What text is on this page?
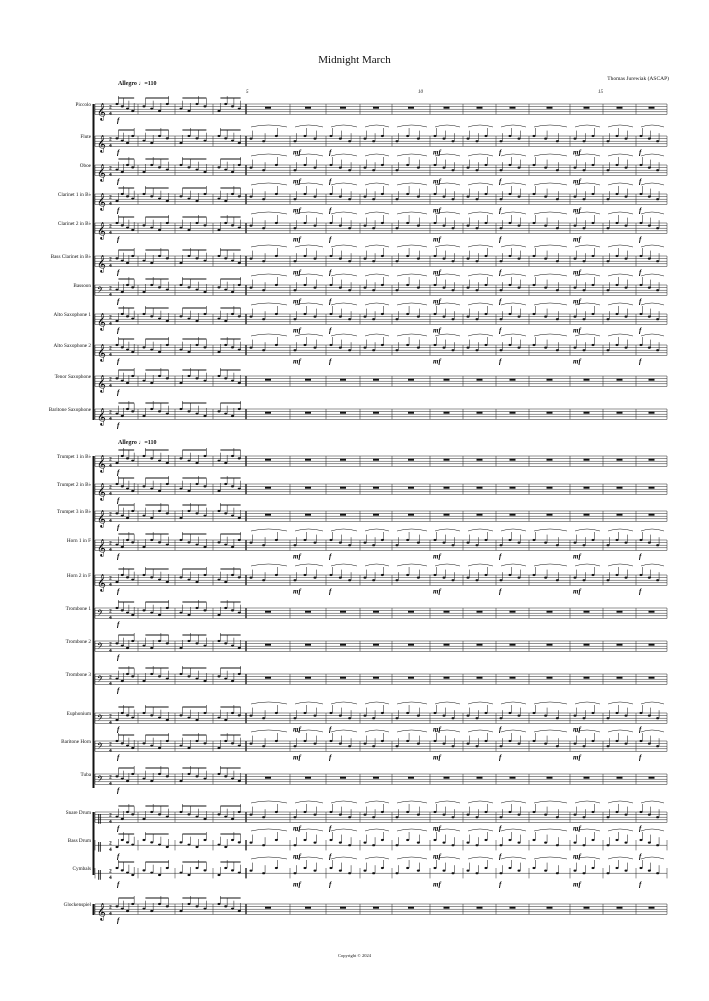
Midnight March
Thomas Jurewiak (ASCAP)
Allegro ♩=110
Allegro ♩=110
5	10	15
Piccolo
Flute
Oboe
Clarinet 1 in B♭
Clarinet 2 in B♭
Bass Clarinet in B♭
Bassoon
Alto Saxophone 1
Alto Saxophone 2
Tenor Saxophone
Baritone Saxophone
Trumpet 1 in B♭
Trumpet 2 in B♭
Trumpet 3 in B♭
Horn 1 in F
Horn 2 in F
Trombone 1
Trombone 2
Trombone 3
Euphonium
Baritone Horn
Tuba
Snare Drum
Bass Drum
Cymbals
Glockenspiel
𝄞 2
4
f
𝄞 2
4
f	mf	f	mf	f	mf	f
𝄞 2
4
f	mf	f	mf	f	mf	f
𝄞 2
4
f	mf	f	mf	f	mf	f
𝄞 2
4
f	mf	f	mf	f	mf	f
𝄞 2
4
f	mf	f	mf	f	mf	f
𝄢 2
4
f	mf	f	mf	f	mf	f
𝄞 2
4
f	mf	f	mf	f	mf	f
𝄞 2
4
f	mf	f	mf	f	mf	f
𝄞 2
4
f
𝄞 2
4
f
𝄞 2
4
f
𝄞 2
4
f
𝄞 2
4
f
𝄞 2
4
f	mf	f	mf	f	mf	f
𝄞 2
4
f	mf	f	mf	f	mf	f
𝄢 2
4
f
𝄢 2
4
f
𝄢 2
4
f
𝄢 2
4
f	mf	f	mf	f	mf	f
𝄢 2
4
f	mf	f	mf	f	mf	f
𝄢 2
4
f
‖ 2
4
f	mf	f	mf	f	mf	f
‖ 2
4
f	mf	f	mf	f	mf	f
‖ 2
4
f	mf	f	mf	f	mf	f
𝄞 2
4
f
Copyright © 2024
